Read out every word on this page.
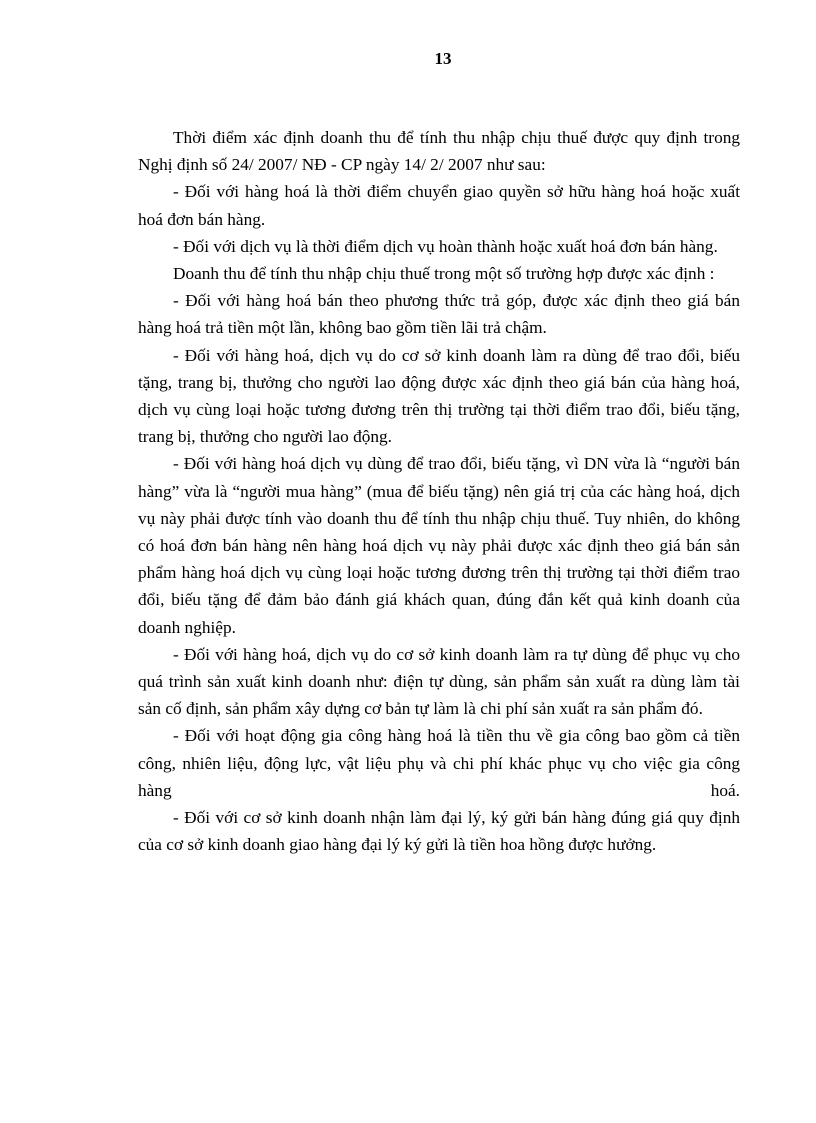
13

Thời điểm xác định doanh thu để tính thu nhập chịu thuế được quy định trong Nghị định số 24/ 2007/ NĐ - CP ngày 14/ 2/ 2007 như sau:

- Đối với hàng hoá là thời điểm chuyển giao quyền sở hữu hàng hoá hoặc xuất hoá đơn bán hàng.

- Đối với dịch vụ là thời điểm dịch vụ hoàn thành hoặc xuất hoá đơn bán hàng.

Doanh thu để tính thu nhập chịu thuế trong một số trường hợp được xác định :

- Đối với hàng hoá bán theo phương thức trả góp, được xác định theo giá bán hàng hoá trả tiền một lần, không bao gồm tiền lãi trả chậm.

- Đối với hàng hoá, dịch vụ do cơ sở kinh doanh làm ra dùng để trao đổi, biếu tặng, trang bị, thưởng cho người lao động được xác định theo giá bán của hàng hoá, dịch vụ cùng loại hoặc tương đương trên thị trường tại thời điểm trao đổi, biếu tặng, trang bị, thưởng cho người lao động.

- Đối với hàng hoá dịch vụ dùng để trao đổi, biếu tặng, vì DN vừa là “người bán hàng” vừa là “người mua hàng” (mua để biếu tặng) nên giá trị của các hàng hoá, dịch vụ này phải được tính vào doanh thu để tính thu nhập chịu thuế. Tuy nhiên, do không có hoá đơn bán hàng nên hàng hoá dịch vụ này phải được xác định theo giá bán sản phẩm hàng hoá dịch vụ cùng loại hoặc tương đương trên thị trường tại thời điểm trao đổi, biếu tặng để đảm bảo đánh giá khách quan, đúng đắn kết quả kinh doanh của doanh nghiệp.

- Đối với hàng hoá, dịch vụ do cơ sở kinh doanh làm ra tự dùng để phục vụ cho quá trình sản xuất kinh doanh như: điện tự dùng, sản phẩm sản xuất ra dùng làm tài sản cố định, sản phẩm xây dựng cơ bản tự làm là chi phí sản xuất ra sản phẩm đó.

- Đối với hoạt động gia công hàng hoá là tiền thu về gia công bao gồm cả tiền công, nhiên liệu, động lực, vật liệu phụ và chi phí khác phục vụ cho việc gia công hàng hoá.

- Đối với cơ sở kinh doanh nhận làm đại lý, ký gửi bán hàng đúng giá quy định của cơ sở kinh doanh giao hàng đại lý ký gửi là tiền hoa hồng được hưởng.
